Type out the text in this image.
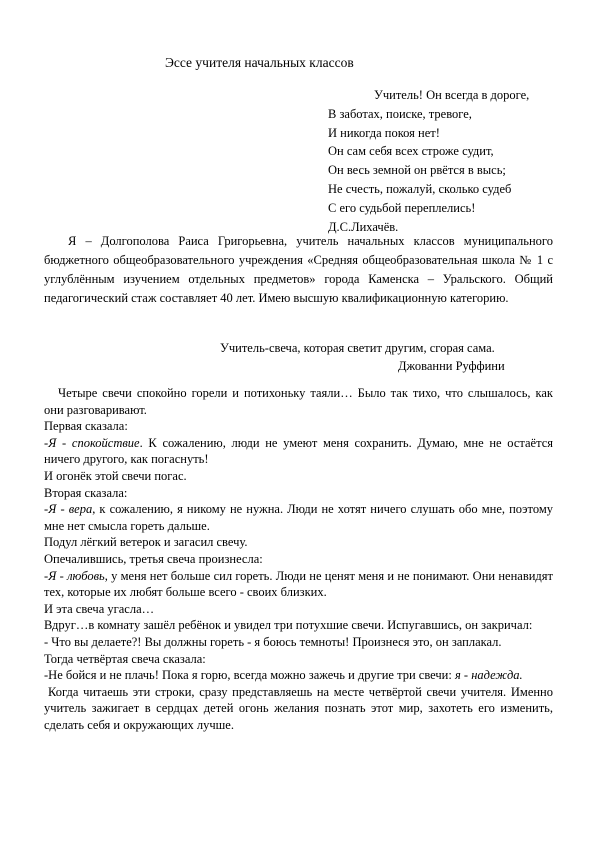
Эссе учителя начальных классов
Учитель! Он всегда в дороге,
В заботах, поиске, тревоге,
И никогда покоя нет!
Он сам себя всех строже судит,
Он весь земной он рвётся в высь;
Не счесть, пожалуй, сколько судеб
С его судьбой переплелись!
Д.С.Лихачёв.
Я – Долгополова Раиса Григорьевна, учитель начальных классов муниципального бюджетного общеобразовательного учреждения «Средняя общеобразовательная школа № 1 с углублённым изучением отдельных предметов» города Каменска – Уральского. Общий педагогический стаж составляет 40 лет. Имею высшую квалификационную категорию.
Учитель-свеча, которая светит другим, сгорая сама.
Джованни Руффини
Четыре свечи спокойно горели и потихоньку таяли… Было так тихо, что слышалось, как они разговаривают.
Первая сказала:
-Я - спокойствие. К сожалению, люди не умеют меня сохранить. Думаю, мне не остаётся ничего другого, как погаснуть!
И огонёк этой свечи погас.
Вторая сказала:
-Я - вера, к сожалению, я никому не нужна. Люди не хотят ничего слушать обо мне, поэтому мне нет смысла гореть дальше.
Подул лёгкий ветерок и загасил свечу.
Опечалившись, третья свеча произнесла:
-Я - любовь, у меня нет больше сил гореть. Люди не ценят меня и не понимают. Они ненавидят тех, которые их любят больше всего - своих близких.
И эта свеча угасла…
Вдруг…в комнату зашёл ребёнок и увидел три потухшие свечи. Испугавшись, он закричал:
- Что вы делаете?! Вы должны гореть - я боюсь темноты! Произнеся это, он заплакал.
Тогда четвёртая свеча сказала:
-Не бойся и не плачь! Пока я горю, всегда можно зажечь и другие три свечи: я - надежда.
Когда читаешь эти строки, сразу представляешь на месте четвёртой свечи учителя. Именно учитель зажигает в сердцах детей огонь желания познать этот мир, захотеть его изменить, сделать себя и окружающих лучше.
